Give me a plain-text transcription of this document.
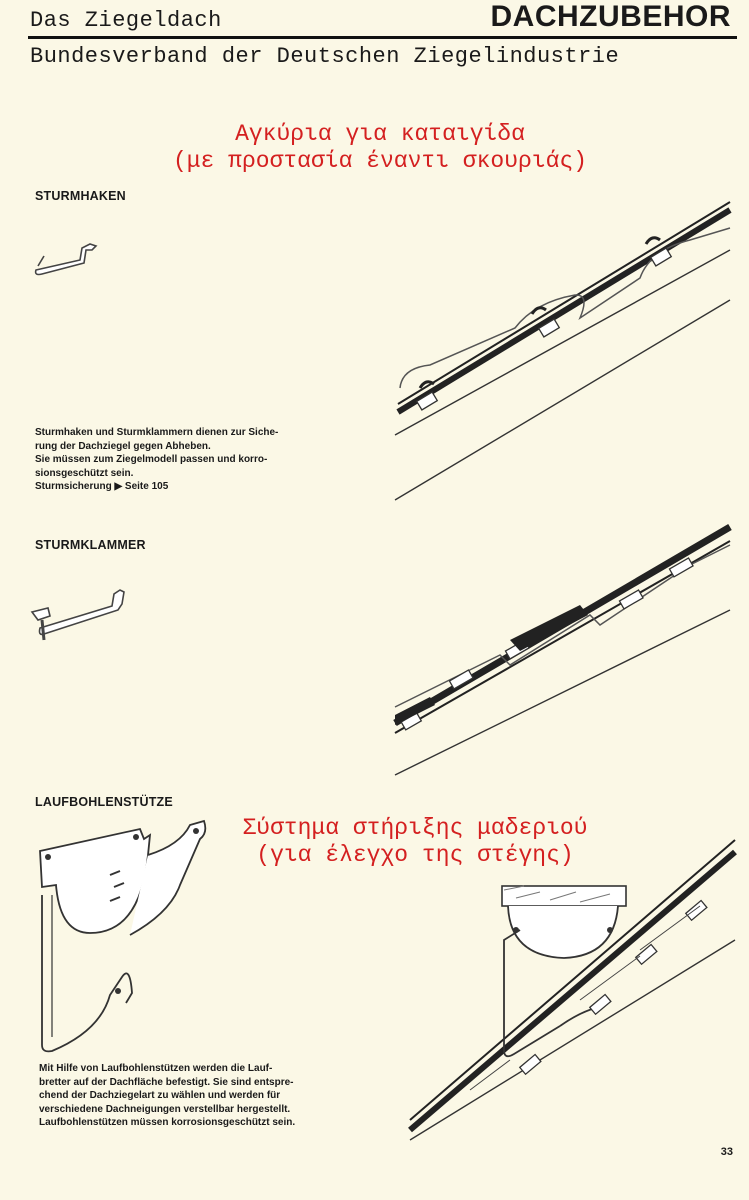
Das Ziegeldach	DACHZUBEHOR
Bundesverband der Deutschen Ziegelindustrie
Αγκύρια για καταιγίδα
(με προστασία έναντι σκουριάς)
STURMHAKEN
Sturmhaken und Sturmklammern dienen zur Siche-
rung der Dachziegel gegen Abheben.
Sie müssen zum Ziegelmodell passen und korro-
sionsgeschützt sein.
Sturmsicherung ▶ Seite 105
STURMKLAMMER
LAUFBOHLENSTÜTZE
Σύστημα στήριξης μαδεριού
(για έλεγχο της στέγης)
Mit Hilfe von Laufbohlenstützen werden die Lauf-
bretter auf der Dachfläche befestigt. Sie sind entspre-
chend der Dachziegelart zu wählen und werden für
verschiedene Dachneigungen verstellbar hergestellt.
Laufbohlenstützen müssen korrosionsgeschützt sein.
33
